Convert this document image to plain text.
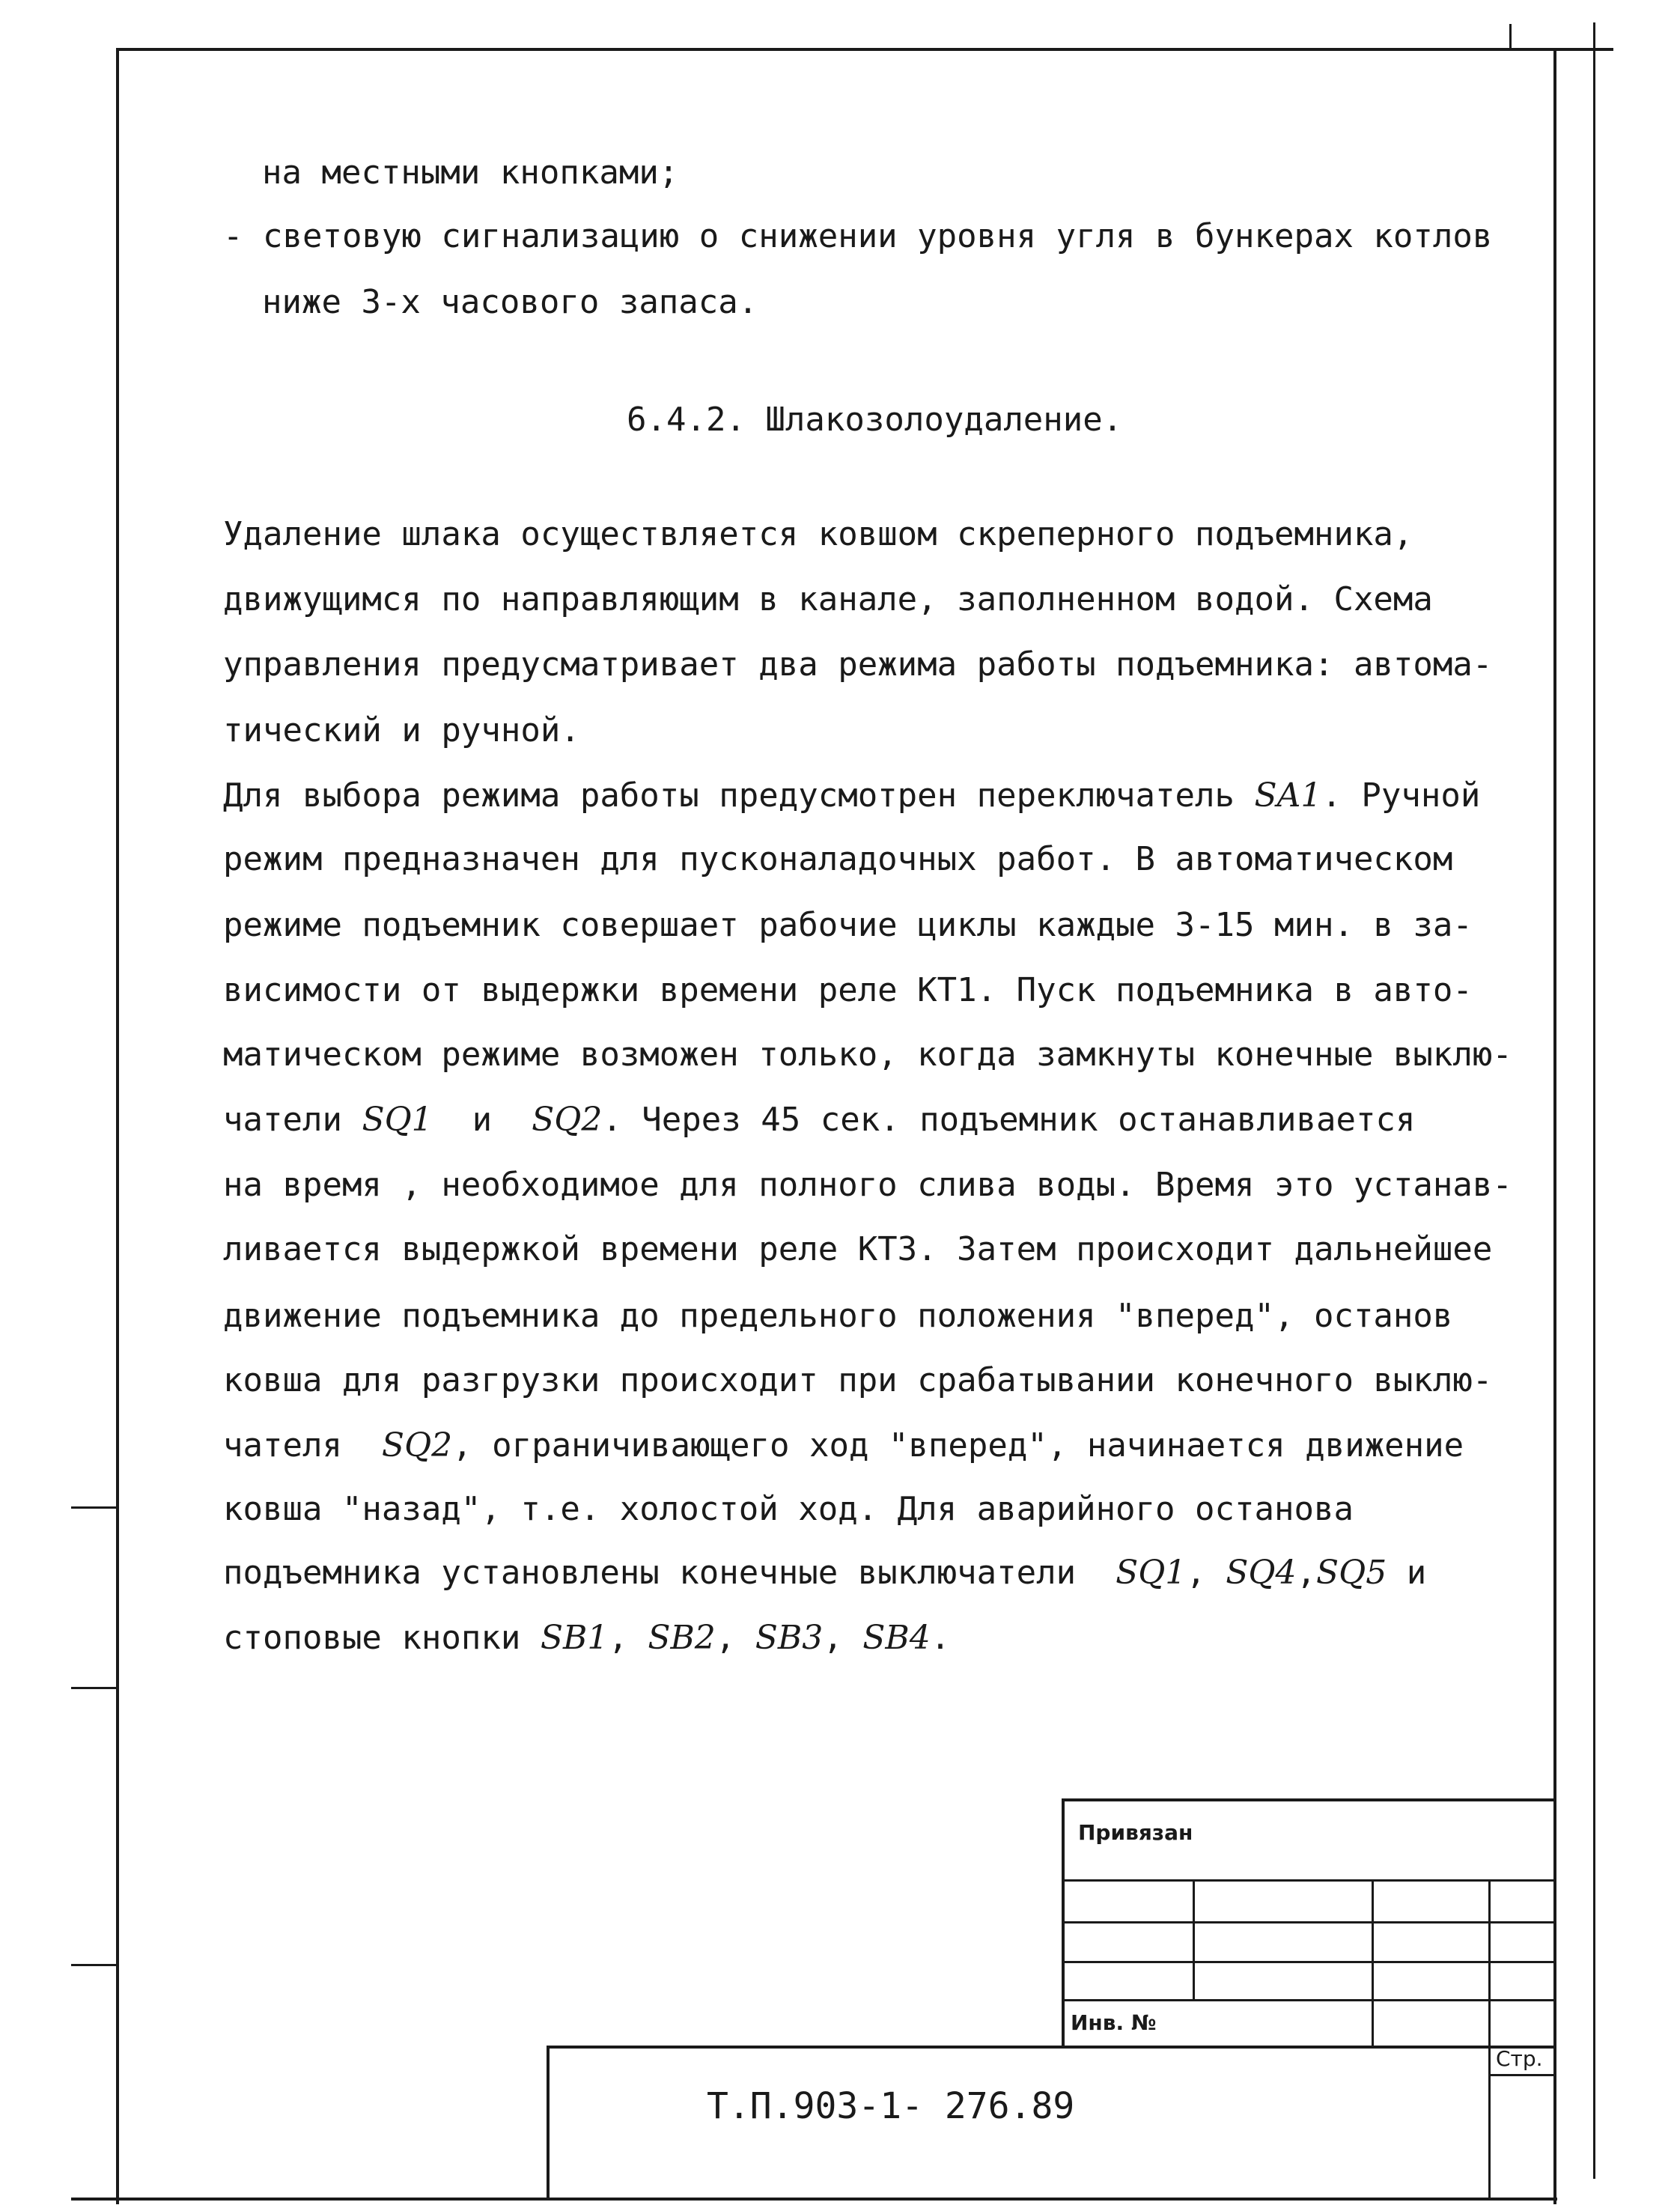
на местными кнопками;
- световую сигнализацию о снижении уровня угля в бункерах котлов
ниже 3-х часового запаса.
6.4.2. Шлакозолоудаление.
Удаление шлака осуществляется ковшом скреперного подъемника,
движущимся по направляющим в канале, заполненном водой. Схема
управления предусматривает два режима работы подъемника: автома-
тический и ручной.
Для выбора режима работы предусмотрен переключатель SA1. Ручной
режим предназначен для пусконаладочных работ. В автоматическом
режиме подъемник совершает рабочие циклы каждые 3-15 мин. в за-
висимости от выдержки времени реле КТ1. Пуск подъемника в авто-
матическом режиме возможен только, когда замкнуты конечные выклю-
чатели SQ1  и  SQ2. Через 45 сек. подъемник останавливается
на время , необходимое для полного слива воды. Время это устанав-
ливается выдержкой времени реле КТ3. Затем происходит дальнейшее
движение подъемника до предельного положения "вперед", останов
ковша для разгрузки происходит при срабатывании конечного выклю-
чателя  SQ2, ограничивающего ход "вперед", начинается движение
ковша "назад", т.е. холостой ход. Для аварийного останова
подъемника установлены конечные выключатели  SQ1, SQ4,SQ5 и
стоповые кнопки SB1, SB2, SB3, SB4.
Привязан
Инв. №
Стр.
Т.П.903-1- 276.89
